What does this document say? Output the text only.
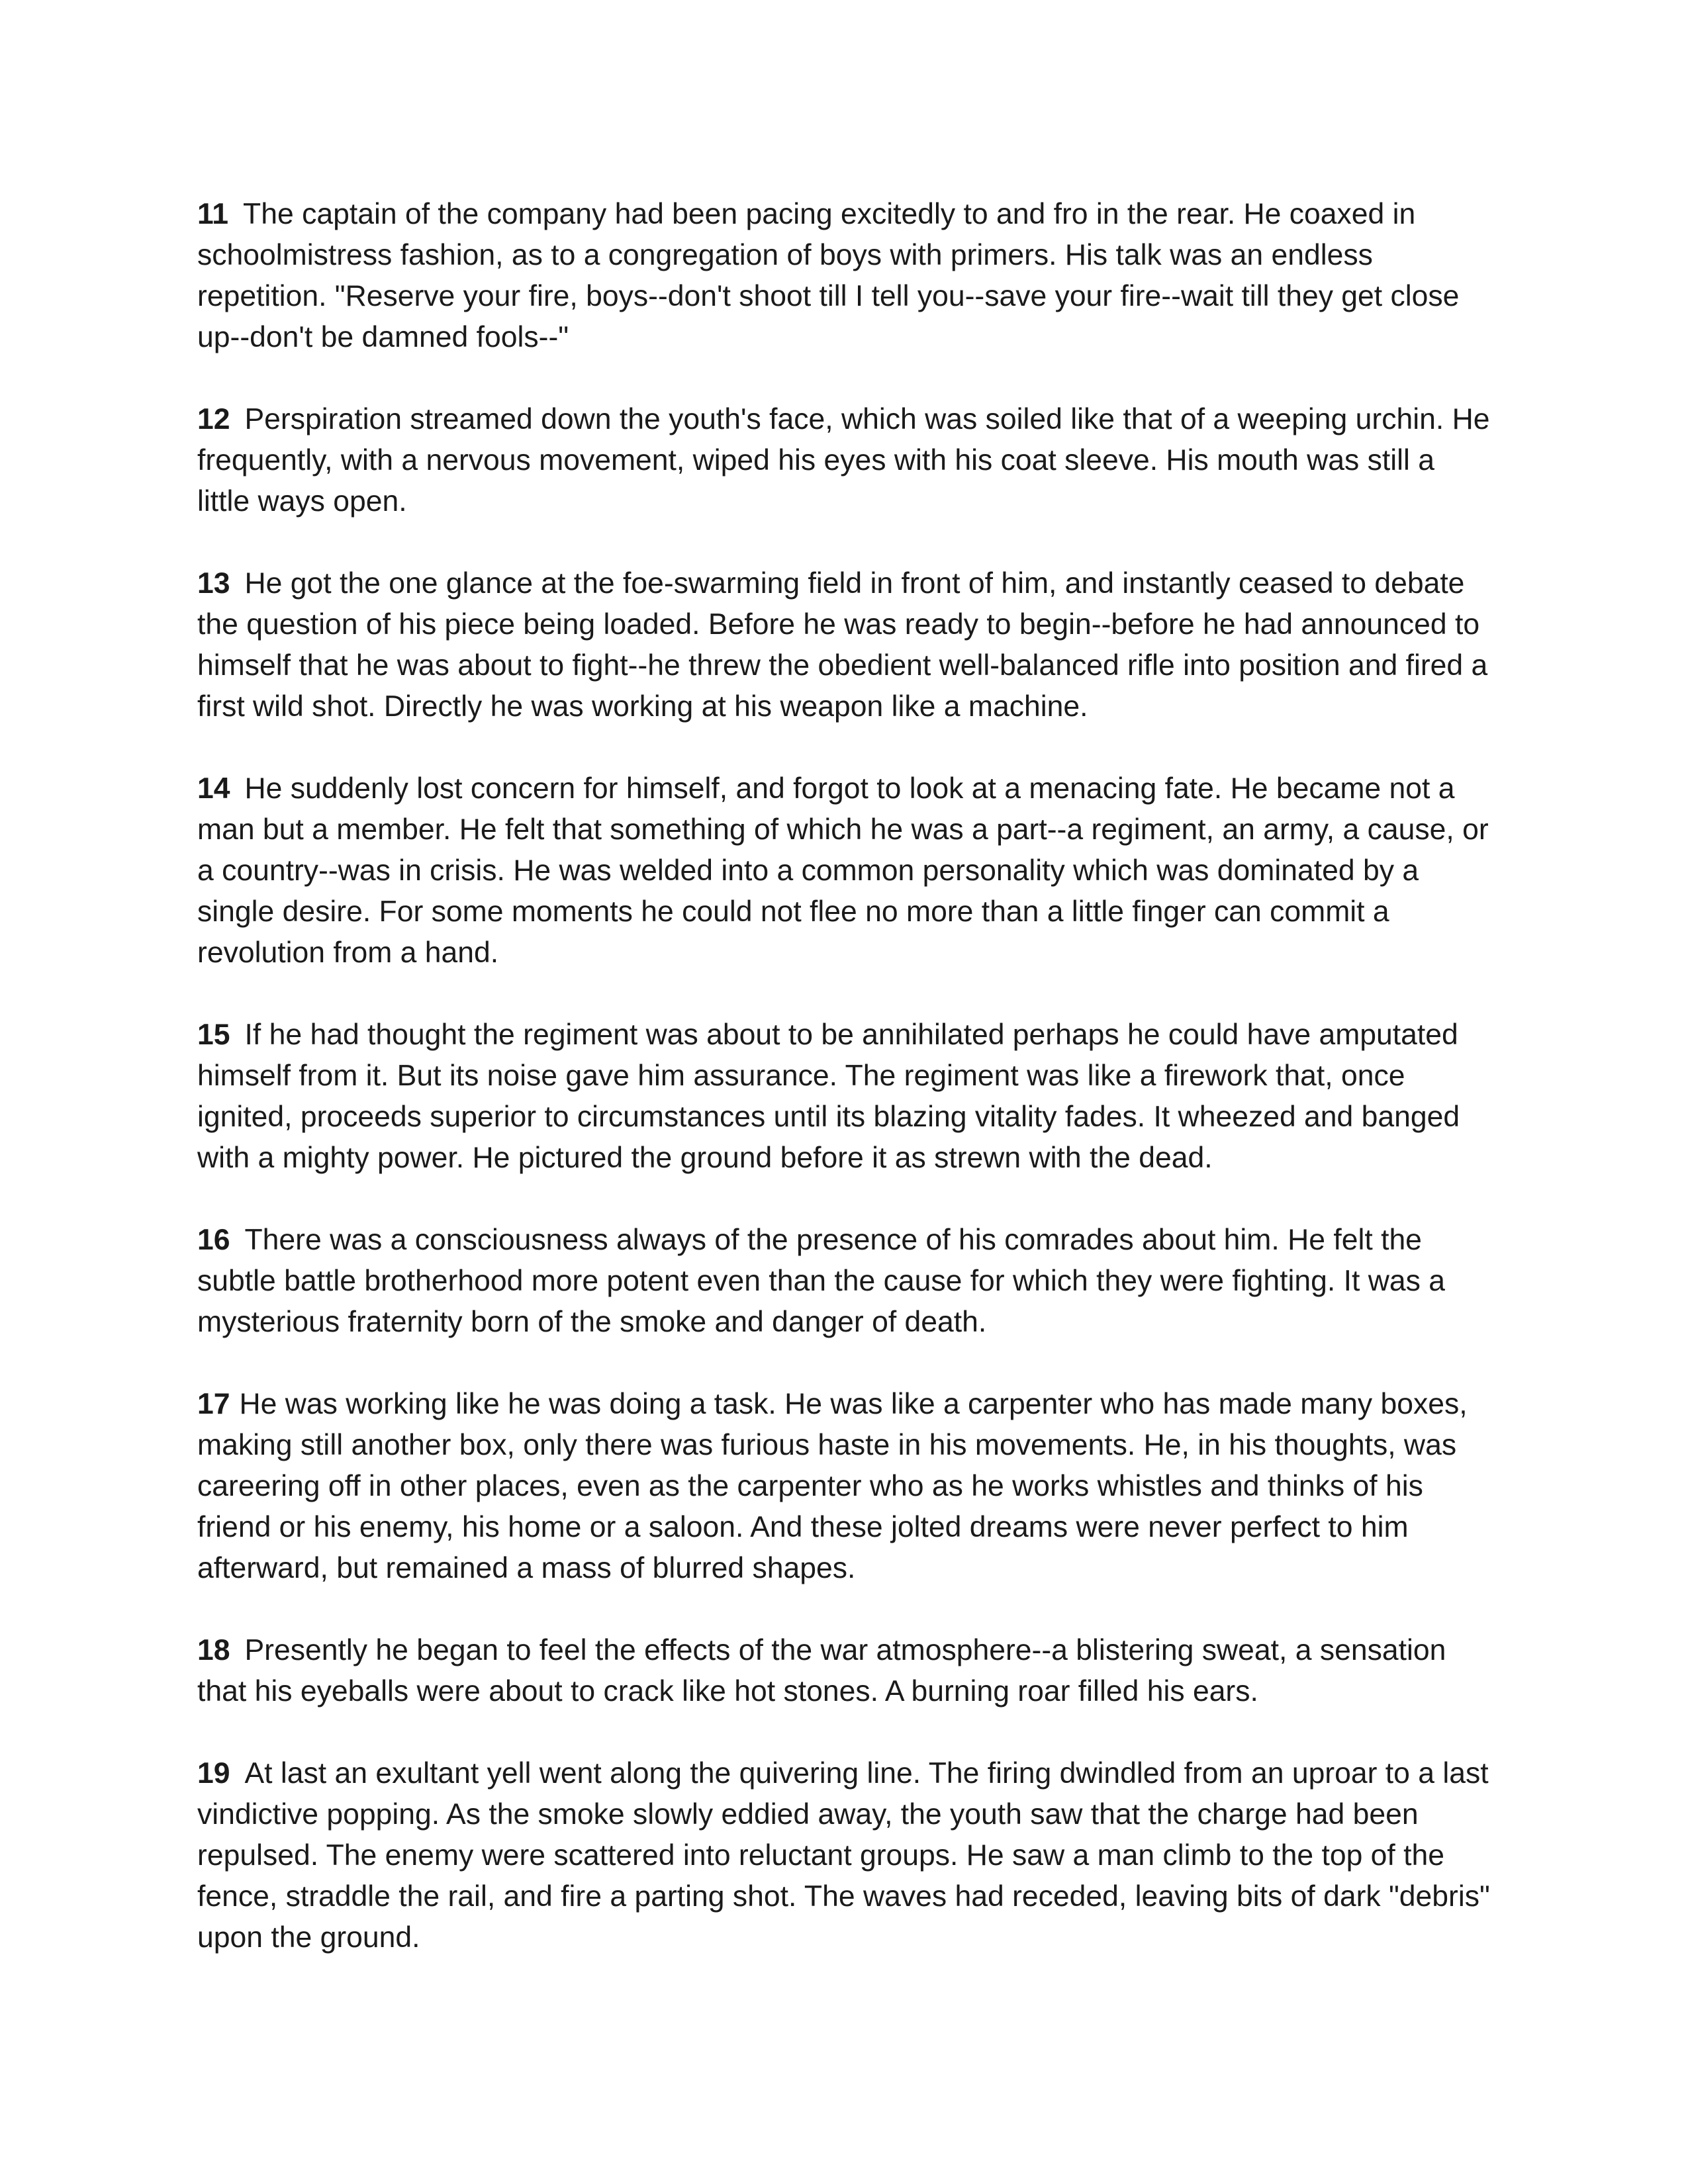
11 The captain of the company had been pacing excitedly to and fro in the rear. He coaxed in schoolmistress fashion, as to a congregation of boys with primers. His talk was an endless repetition. "Reserve your fire, boys--don't shoot till I tell you--save your fire--wait till they get close up--don't be damned fools--"

12 Perspiration streamed down the youth's face, which was soiled like that of a weeping urchin. He frequently, with a nervous movement, wiped his eyes with his coat sleeve. His mouth was still a little ways open.

13 He got the one glance at the foe-swarming field in front of him, and instantly ceased to debate the question of his piece being loaded. Before he was ready to begin--before he had announced to himself that he was about to fight--he threw the obedient well-balanced rifle into position and fired a first wild shot. Directly he was working at his weapon like a machine.

14 He suddenly lost concern for himself, and forgot to look at a menacing fate. He became not a man but a member. He felt that something of which he was a part--a regiment, an army, a cause, or a country--was in crisis. He was welded into a common personality which was dominated by a single desire. For some moments he could not flee no more than a little finger can commit a revolution from a hand.

15 If he had thought the regiment was about to be annihilated perhaps he could have amputated himself from it. But its noise gave him assurance. The regiment was like a firework that, once ignited, proceeds superior to circumstances until its blazing vitality fades. It wheezed and banged with a mighty power. He pictured the ground before it as strewn with the dead.

16 There was a consciousness always of the presence of his comrades about him. He felt the subtle battle brotherhood more potent even than the cause for which they were fighting. It was a mysterious fraternity born of the smoke and danger of death.

17 He was working like he was doing a task. He was like a carpenter who has made many boxes, making still another box, only there was furious haste in his movements. He, in his thoughts, was careering off in other places, even as the carpenter who as he works whistles and thinks of his friend or his enemy, his home or a saloon. And these jolted dreams were never perfect to him afterward, but remained a mass of blurred shapes.

18 Presently he began to feel the effects of the war atmosphere--a blistering sweat, a sensation that his eyeballs were about to crack like hot stones. A burning roar filled his ears.

19 At last an exultant yell went along the quivering line. The firing dwindled from an uproar to a last vindictive popping. As the smoke slowly eddied away, the youth saw that the charge had been repulsed. The enemy were scattered into reluctant groups. He saw a man climb to the top of the fence, straddle the rail, and fire a parting shot. The waves had receded, leaving bits of dark "debris" upon the ground.
